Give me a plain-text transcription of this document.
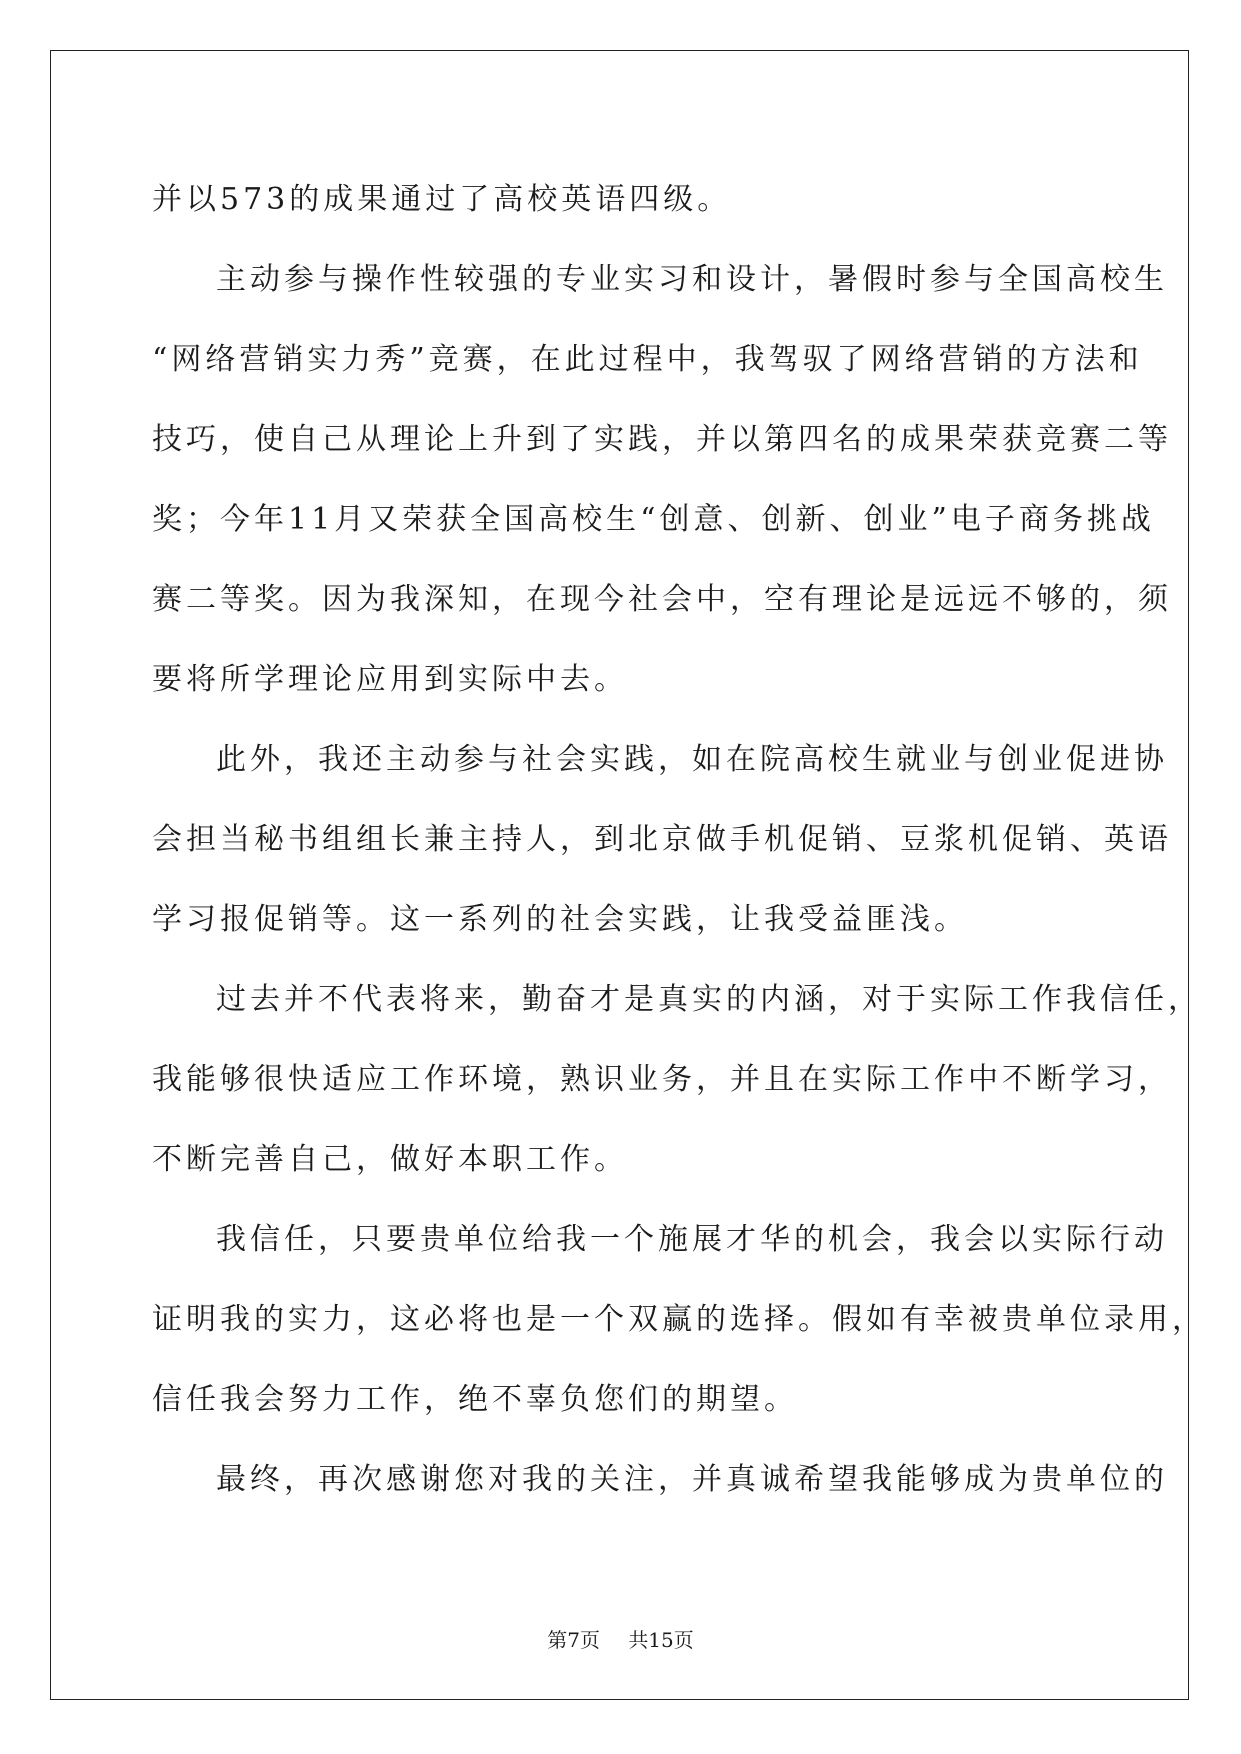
并以573的成果通过了高校英语四级。

主动参与操作性较强的专业实习和设计，暑假时参与全国高校生

“网络营销实力秀”竞赛，在此过程中，我驾驭了网络营销的方法和

技巧，使自己从理论上升到了实践，并以第四名的成果荣获竞赛二等

奖；今年11月又荣获全国高校生“创意、创新、创业”电子商务挑战

赛二等奖。因为我深知，在现今社会中，空有理论是远远不够的，须

要将所学理论应用到实际中去。

此外，我还主动参与社会实践，如在院高校生就业与创业促进协

会担当秘书组组长兼主持人，到北京做手机促销、豆浆机促销、英语

学习报促销等。这一系列的社会实践，让我受益匪浅。

过去并不代表将来，勤奋才是真实的内涵，对于实际工作我信任，

我能够很快适应工作环境，熟识业务，并且在实际工作中不断学习，

不断完善自己，做好本职工作。

我信任，只要贵单位给我一个施展才华的机会，我会以实际行动

证明我的实力，这必将也是一个双赢的选择。假如有幸被贵单位录用，

信任我会努力工作，绝不辜负您们的期望。

最终，再次感谢您对我的关注，并真诚希望我能够成为贵单位的

第7页 共15页
